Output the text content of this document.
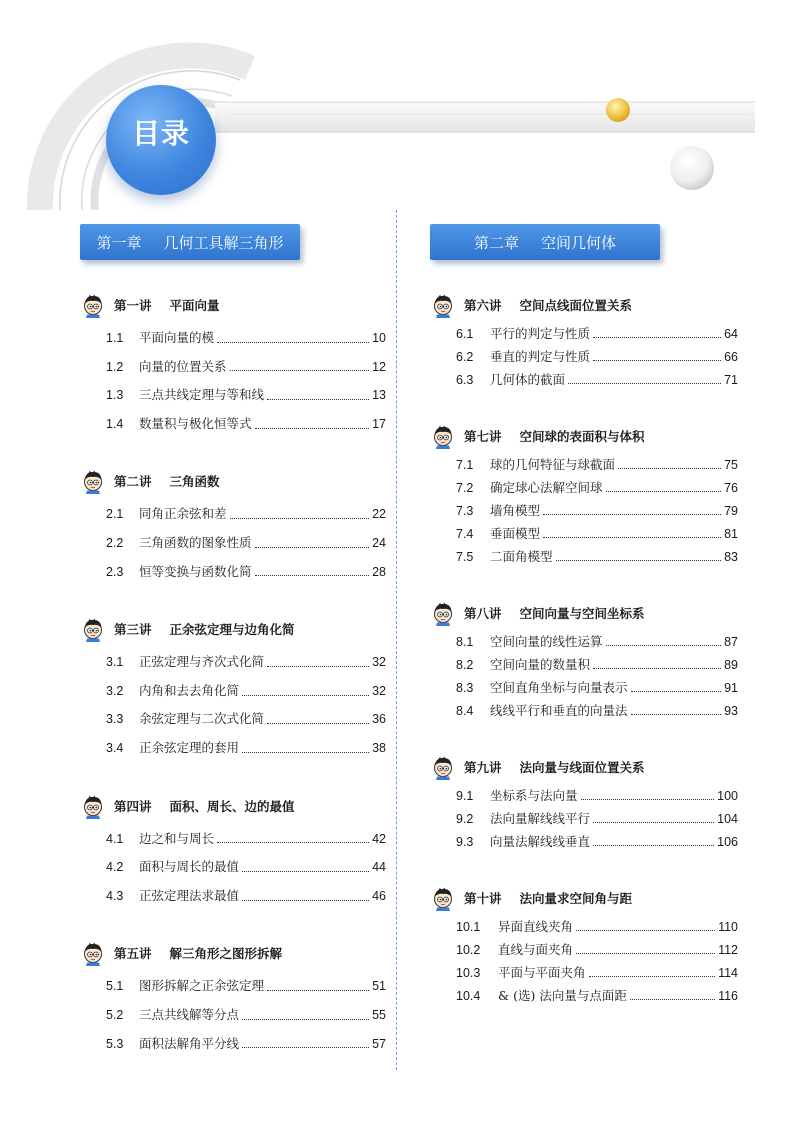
目录
第一章 几何工具解三角形
第一讲 平面向量
1.1	平面向量的模	10
1.2	向量的位置关系	12
1.3	三点共线定理与等和线	13
1.4	数量积与极化恒等式	17
第二讲 三角函数
2.1	同角正余弦和差	22
2.2	三角函数的图象性质	24
2.3	恒等变换与函数化简	28
第三讲 正余弦定理与边角化简
3.1	正弦定理与齐次式化简	32
3.2	内角和去去角化简	32
3.3	余弦定理与二次式化简	36
3.4	正余弦定理的套用	38
第四讲 面积、周长、边的最值
4.1	边之和与周长	42
4.2	面积与周长的最值	44
4.3	正弦定理法求最值	46
第五讲 解三角形之图形拆解
5.1	图形拆解之正余弦定理	51
5.2	三点共线解等分点	55
5.3	面积法解角平分线	57
第二章 空间几何体
第六讲 空间点线面位置关系
6.1	平行的判定与性质	64
6.2	垂直的判定与性质	66
6.3	几何体的截面	71
第七讲 空间球的表面积与体积
7.1	球的几何特征与球截面	75
7.2	确定球心法解空间球	76
7.3	墙角模型	79
7.4	垂面模型	81
7.5	二面角模型	83
第八讲 空间向量与空间坐标系
8.1	空间向量的线性运算	87
8.2	空间向量的数量积	89
8.3	空间直角坐标与向量表示	91
8.4	线线平行和垂直的向量法	93
第九讲 法向量与线面位置关系
9.1	坐标系与法向量	100
9.2	法向量解线线平行	104
9.3	向量法解线线垂直	106
第十讲 法向量求空间角与距
10.1	异面直线夹角	110
10.2	直线与面夹角	112
10.3	平面与平面夹角	114
10.4	& (选) 法向量与点面距	116
